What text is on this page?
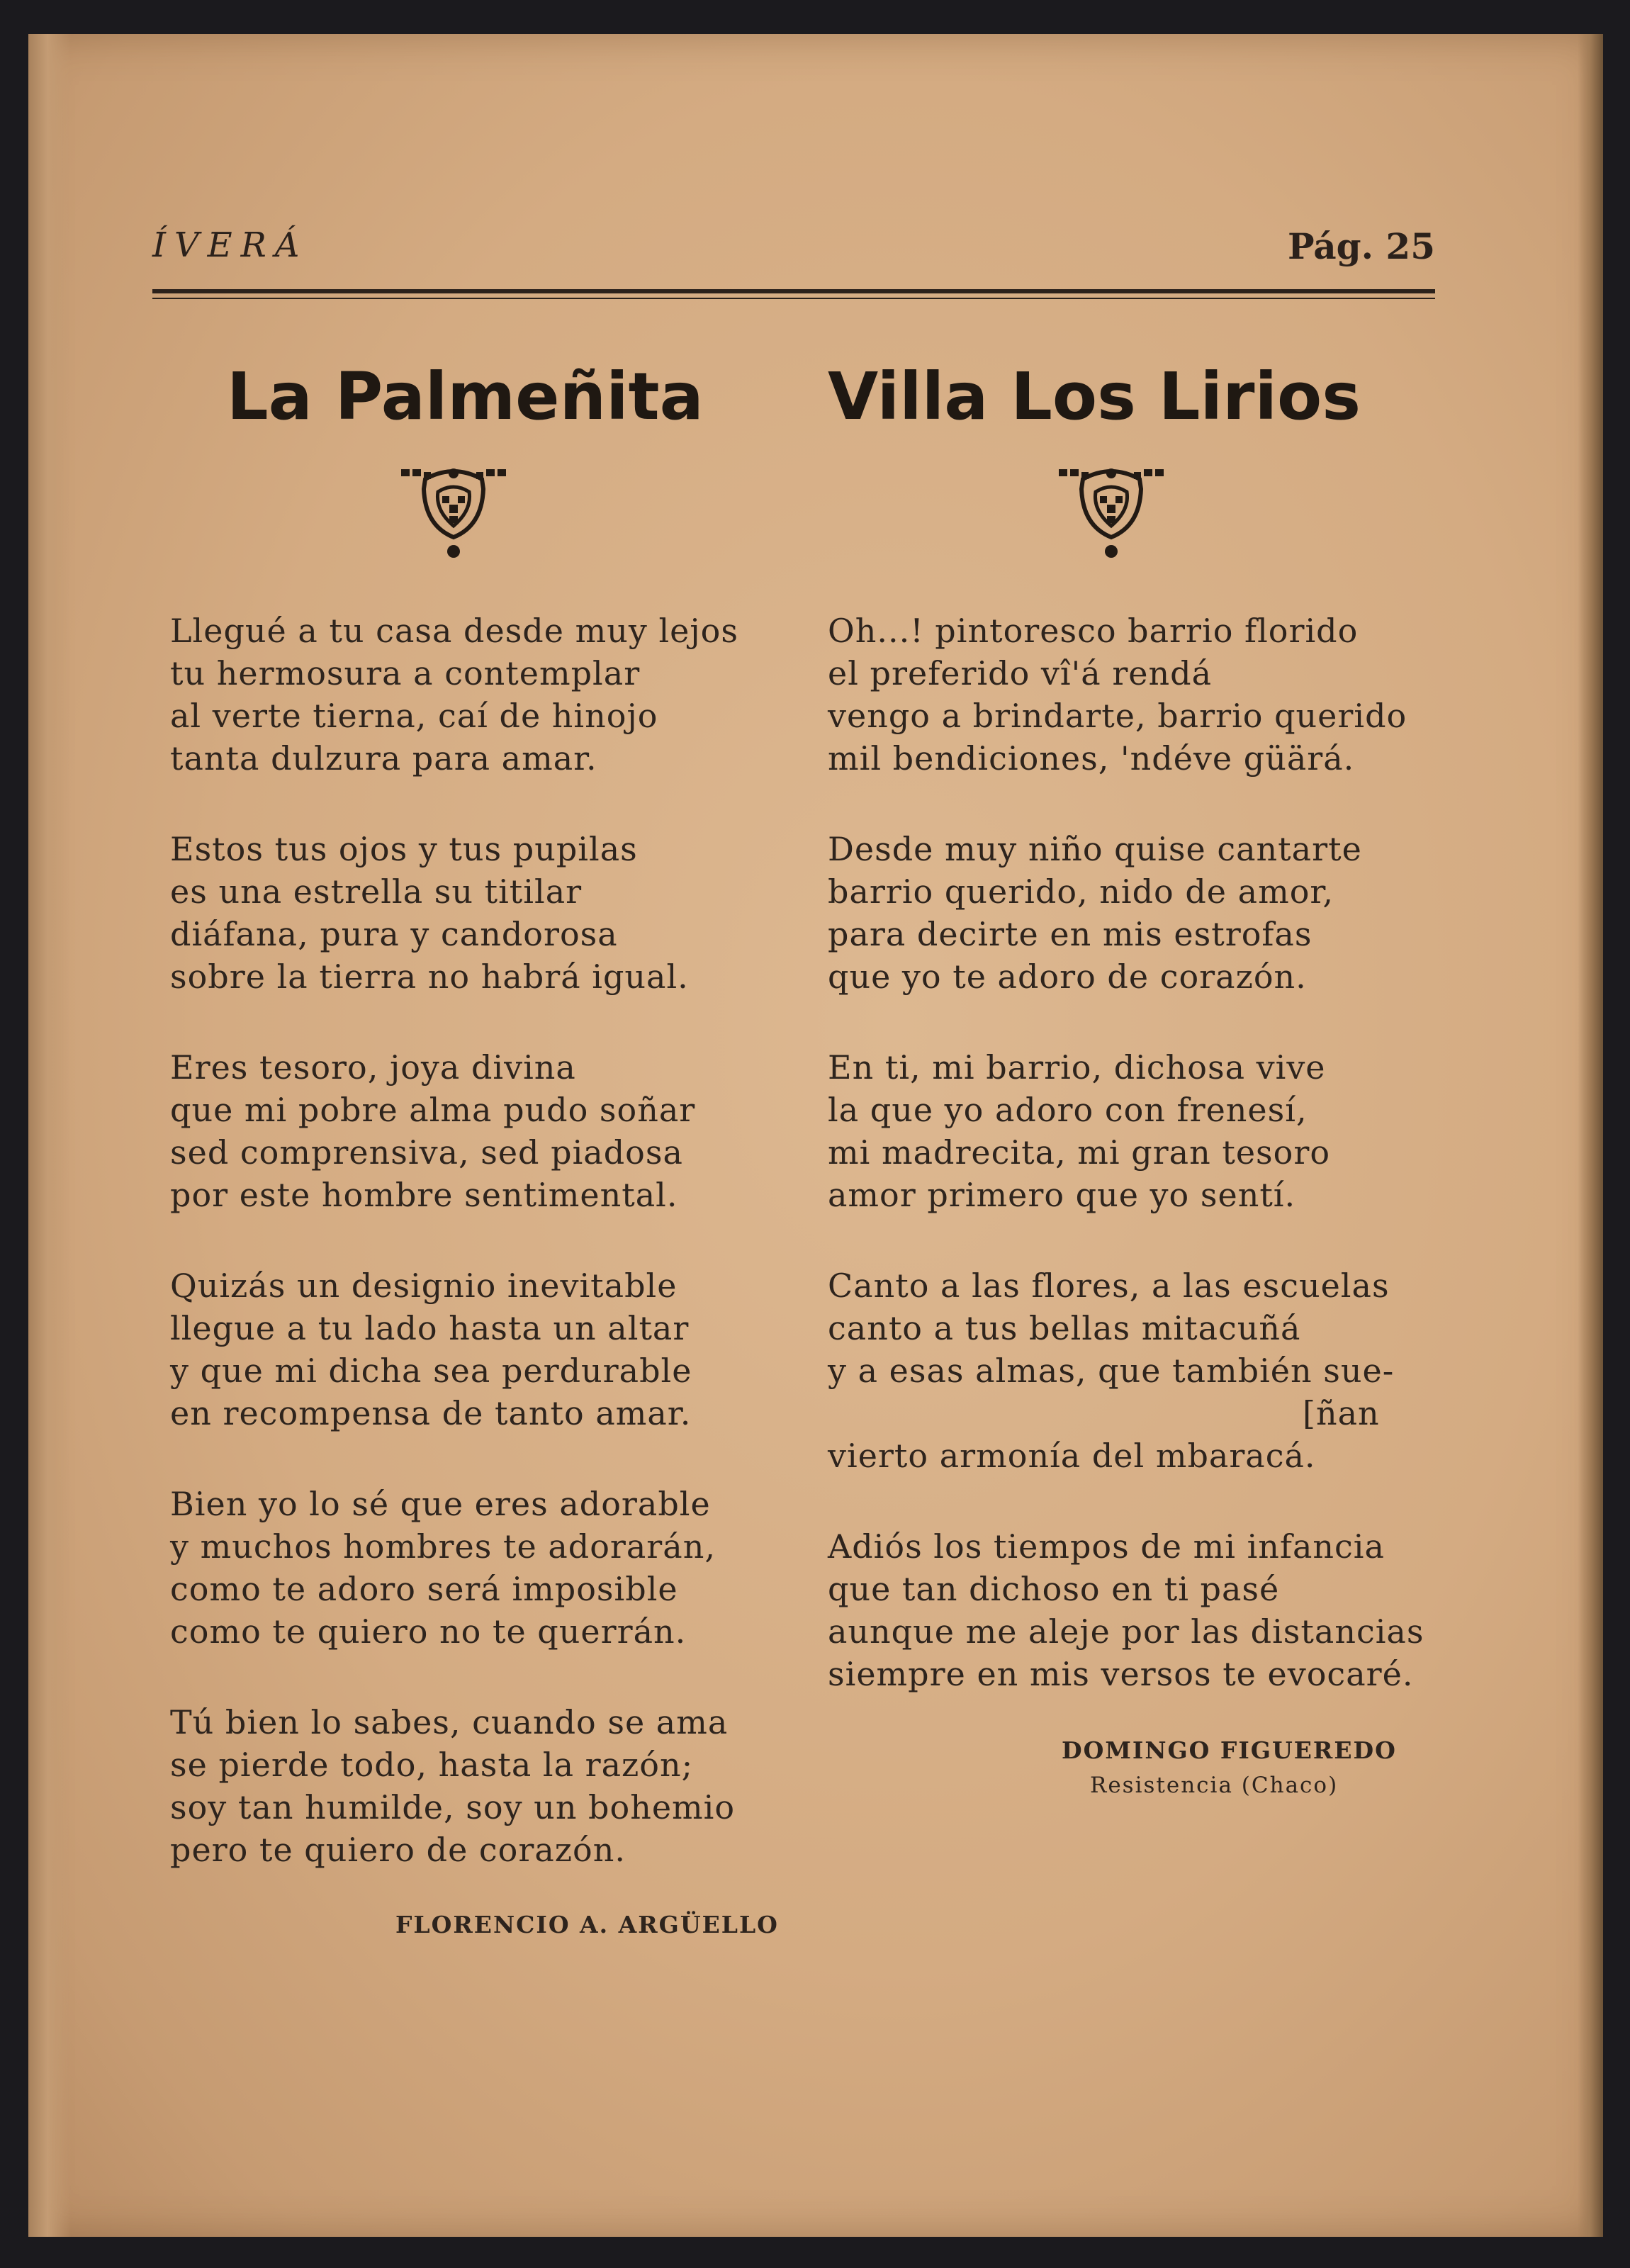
ÍVERÁ	Pág. 25
La Palmeñita
Llegué a tu casa desde muy lejos
tu hermosura a contemplar
al verte tierna, caí de hinojo
tanta dulzura para amar.
Estos tus ojos y tus pupilas
es una estrella su titilar
diáfana, pura y candorosa
sobre la tierra no habrá igual.
Eres tesoro, joya divina
que mi pobre alma pudo soñar
sed comprensiva, sed piadosa
por este hombre sentimental.
Quizás un designio inevitable
llegue a tu lado hasta un altar
y que mi dicha sea perdurable
en recompensa de tanto amar.
Bien yo lo sé que eres adorable
y muchos hombres te adorarán,
como te adoro será imposible
como te quiero no te querrán.
Tú bien lo sabes, cuando se ama
se pierde todo, hasta la razón;
soy tan humilde, soy un bohemio
pero te quiero de corazón.
FLORENCIO A. ARGÜELLO
Villa Los Lirios
Oh...! pintoresco barrio florido
el preferido vî'á rendá
vengo a brindarte, barrio querido
mil bendiciones, 'ndéve güärá.
Desde muy niño quise cantarte
barrio querido, nido de amor,
para decirte en mis estrofas
que yo te adoro de corazón.
En ti, mi barrio, dichosa vive
la que yo adoro con frenesí,
mi madrecita, mi gran tesoro
amor primero que yo sentí.
Canto a las flores, a las escuelas
canto a tus bellas mitacuñá
y a esas almas, que también sue-
[ñan
vierto armonía del mbaracá.
Adiós los tiempos de mi infancia
que tan dichoso en ti pasé
aunque me aleje por las distancias
siempre en mis versos te evocaré.
DOMINGO FIGUEREDO
Resistencia (Chaco)
